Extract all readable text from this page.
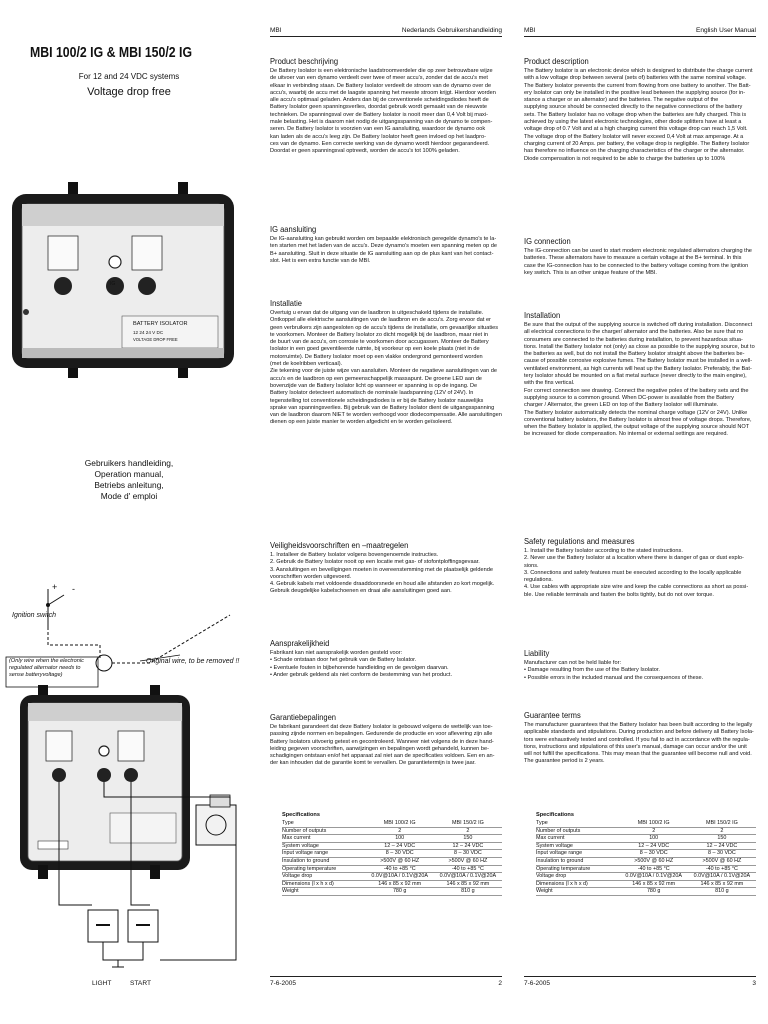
MBI 100/2 IG & MBI 150/2 IG
For 12 and 24 VDC systems
Voltage drop free
IG
BATTERY ISOLATOR
12 24 24 V DC
VOLTAGE DROP FREE
Gebruikers handleiding,
Operation manual,
Betriebs anleitung,
Mode d' emploi
Ignition switch
+ -
(Only wire when the electronic
regulated alternator needs to
sense batteryvoltage)
Original wire, to be removed !!
LIGHT	START
MBI	Nederlands Gebruikershandleiding
Product beschrijving
De Battery Isolator is een elektronische laadstroomverdeler die op zeer betrouwbare wijze
de uitvoer van een dynamo verdeelt over twee of meer accu's, zonder dat de accu's met
elkaar in verbinding staan. De Battery Isolator verdeelt de stroom van de dynamo over de
accu's, waarbij de accu met de laagste spanning het meeste stroom krijgt. Hierdoor worden
alle accu's optimaal geladen. Anders dan bij de conventionele scheidingsdiodes heeft de
Battery Isolator geen spanningsverlies, doordat gebruik wordt gemaakt van de nieuwste
technieken. De spanningsval over de Battery Isolator is nooit meer dan 0,4 Volt bij maxi-
male belasting. Het is daarom niet nodig de uitgangsspanning van de dynamo te compen-
seren. De Battery Isolator is voorzien van een IG aansluiting, waardoor de dynamo ook
kan laden als de accu's leeg zijn. De Battery Isolator heeft geen invloed op het laadpro-
ces van de dynamo. Een correcte werking van de dynamo wordt hierdoor gegarandeerd.
Doordat er geen spanningsval optreedt, worden de accu's tot 100% geladen.
IG aansluiting
De IG-aansluiting kan gebruikt worden om bepaalde elektronisch geregelde dynamo's te la-
ten starten met het laden van de accu's. Deze dynamo's moeten een spanning meten op de
B+ aansluiting. Sluit in deze situatie de IG aansluiting aan op de plus kant van het contact-
slot. Het is een extra functie van de MBI.
Installatie
Overtuig u ervan dat de uitgang van de laadbron is uitgeschakeld tijdens de installatie.
Ontkoppel alle elektrische aansluitingen van de laadbron en de accu's. Zorg ervoor dat er
geen verbruikers zijn aangesloten op de accu's tijdens de installatie, om gevaarlijke situaties
te voorkomen. Monteer de Battery Isolator zo dicht mogelijk bij de laadbron, maar niet in
de buurt van de accu's, om corrosie te voorkomen door accugassen. Monteer de Battery
Isolator in een goed geventileerde ruimte, bij voorkeur op een koele plaats (niet in de
motorruimte). De Battery Isolator moet op een vlakke ondergrond gemonteerd worden
(met de koelribben verticaal).
Zie tekening voor de juiste wijze van aansluiten. Monteer de negatieve aansluitingen van de
accu's en de laadbron op een gemeenschappelijk massapunt. De groene LED aan de
bovenzijde van de Battery Isolator licht op wanneer er spanning is op de ingang. De
Battery Isolator detecteert automatisch de nominale laadspanning (12V of 24V). In
tegenstelling tot conventionele scheidingsdiodes is er bij de Battery Isolator nauwelijks
sprake van spanningsverlies. Bij gebruik van de Battery Isolator dient de uitgangsspanning
van de laadbron daarom NIET te worden verhoogd voor diodecompensatie. Alle aansluitingen
dienen op een juiste manier te worden afgedicht en te worden geïsoleerd.
Veiligheidsvoorschriften en –maatregelen
1. Installeer de Battery Isolator volgens bovengenoemde instructies.
2. Gebruik de Battery Isolator nooit op een locatie met gas- of stofontploffingsgevaar.
3. Aansluitingen en beveiligingen moeten in overeenstemming met de plaatselijk geldende
voorschriften worden uitgevoerd.
4. Gebruik kabels met voldoende draaddoorsnede en houd alle afstanden zo kort mogelijk.
Gebruik deugdelijke kabelschoenen en draai alle aansluitingen goed aan.
Aansprakelijkheid
Fabrikant kan niet aansprakelijk worden gesteld voor:
• Schade ontstaan door het gebruik van de Battery Isolator.
• Eventuele fouten in bijbehorende handleiding en de gevolgen daarvan.
• Ander gebruik geldend als niet conform de bestemming van het product.
Garantiebepalingen
De fabrikant garandeert dat deze Battery Isolator is gebouwd volgens de wettelijk van toe-
passing zijnde normen en bepalingen. Gedurende de productie en voor aflevering zijn alle
Battery Isolators uitvoerig getest en gecontroleerd. Wanneer niet volgens de in deze hand-
leiding gegeven voorschriften, aanwijzingen en bepalingen wordt gehandeld, kunnen be-
schadigingen ontstaan en/of het apparaat zal niet aan de specificaties voldoen. Een en an-
der kan inhouden dat de garantie komt te vervallen. De garantietermijn is twee jaar.
Specifications
Type	MBI 100/2 IG	MBI 150/2 IG
Number of outputs	2	2
Max current	100	150
System voltage	12 – 24 VDC	12 – 24 VDC
Input voltage range	8 – 30 VDC	8 – 30 VDC
Insulation to ground	>500V @ 60 HZ	>500V @ 60 HZ
Operating temperature	-40 to +85 °C	-40 to +85 °C
Voltage drop	0.0V@10A / 0.1V@20A	0.0V@10A / 0.1V@20A
Dimensions (l x h x d)	146 x 85 x 92 mm	146 x 85 x 92 mm
Weight	780 g	810 g
7-6-2005	2
MBI	English User Manual
Product description
The Battery Isolator is an electronic device which is designed to distribute the charge current
with a low voltage drop between several (sets of) batteries with the same nominal voltage.
The Battery Isolator prevents the current from flowing from one battery to another. The Batt-
ery Isolator can only be installed in the positive lead between the supplying source (for in-
stance a charger or an alternator) and the batteries. The negative output of the
supplying source should be connected directly to the negative connections of the battery
sets. The Battery Isolator has no voltage drop when the batteries are fully charged. This is
achieved by using the latest electronic technologies, other diode splitters have at least a
voltage drop of 0.7 Volt and at a high charging current this voltage drop can reach 1,5 Volt.
The voltage drop of the Battery Isolator will never exceed 0,4 Volt at max amperage. At a
charging current of 20 Amps. per battery, the voltage drop is negligible. The Battery Isolator
has therefore no influence on the charging characteristics of the charger or the alternator.
Diode compensation is not required to be able to charge the batteries up to 100%
IG connection
The IG-connection can be used to start modern electronic regulated alternators charging the
batteries. These alternators have to measure a certain voltage at the B+ terminal. In this
case the IG-connection has to be connected to the battery voltage coming from the ignition
key switch. This is an other unique feature of the MBI.
Installation
Be sure that the output of the supplying source is switched off during installation. Disconnect
all electrical connections to the charger/ alternator and the batteries. Also be sure that no
consumers are connected to the batteries during installation, to prevent hazardous situa-
tions. Install the Battery Isolator not (only) as close as possible to the supplying source, but to
the batteries as well, but do not install the Battery Isolator straight above the batteries be-
cause of possible corrosive explosive fumes. The Battery Isolator must be installed in a well-
ventilated environment, as high currents will heat up the Battery Isolator. Preferably, the Bat-
tery Isolator should be mounted on a flat metal surface (never directly to the main engine),
with the fins vertical.
For correct connection see drawing. Connect the negative poles of the battery sets and the
supplying source to a common ground. When DC-power is available from the Battery
charger / Alternator, the green LED on top of the Battery Isolator will illuminate.
The Battery Isolator automatically detects the nominal charge voltage (12V or 24V). Unlike
conventional battery isolators, the Battery Isolator is almost free of voltage drops. Therefore,
when the Battery Isolator is applied, the output voltage of the supplying source should NOT
be increased for diode compensation. No internal or external settings are required.
Safety regulations and measures
1. Install the Battery Isolator according to the stated instructions.
2. Never use the Battery Isolator at a location where there is danger of gas or dust explo-
sions.
3. Connections and safety features must be executed according to the locally applicable
regulations.
4. Use cables with appropriate size wire and keep the cable connections as short as possi-
ble. Use reliable terminals and fasten the bolts tightly, but do not over torque.
Liability
Manufacturer can not be held liable for:
• Damage resulting from the use of the Battery Isolator.
• Possible errors in the included manual and the consequences of these.
Guarantee terms
The manufacturer guarantees that the Battery Isolator has been built according to the legally
applicable standards and stipulations. During production and before delivery all Battery Isola-
tors were exhaustively tested and controlled. If you fail to act in accordance with the regula-
tions, instructions and stipulations of this user's manual, damage can occur and/or the unit
will not fulfill the specifications. This may mean that the guarantee will become null and void.
The guarantee period is 2 years.
Specifications
Type	MBI 100/2 IG	MBI 150/2 IG
Number of outputs	2	2
Max current	100	150
System voltage	12 – 24 VDC	12 – 24 VDC
Input voltage range	8 – 30 VDC	8 – 30 VDC
Insulation to ground	>500V @ 60 HZ	>500V @ 60 HZ
Operating temperature	-40 to +85 °C	-40 to +85 °C
Voltage drop	0.0V@10A / 0.1V@20A	0.0V@10A / 0.1V@20A
Dimensions (l x h x d)	146 x 85 x 92 mm	146 x 85 x 92 mm
Weight	780 g	810 g
7-6-2005	3
